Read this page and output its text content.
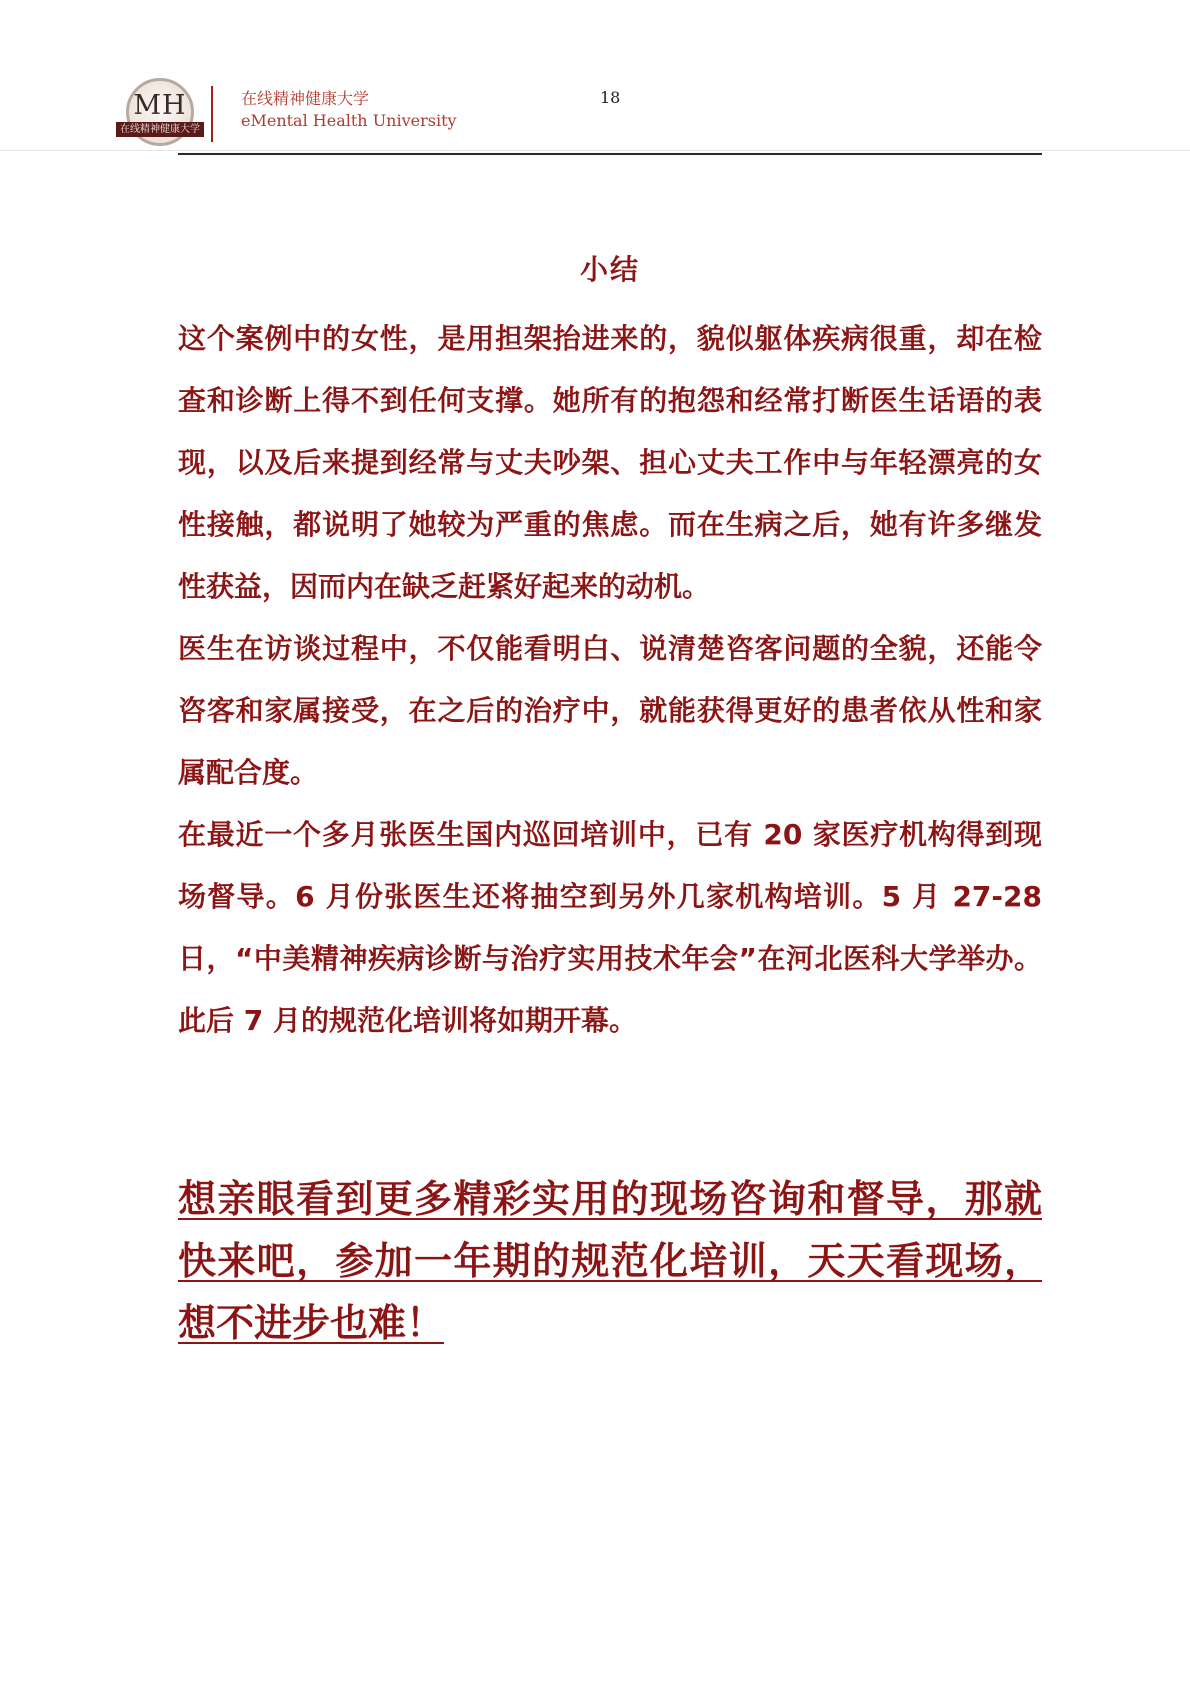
MH
在线精神健康大学
在线精神健康大学
eMental Health University
18
小结

这个案例中的女性，是用担架抬进来的，貌似躯体疾病很重，却在检查和诊断上得不到任何支撑。她所有的抱怨和经常打断医生话语的表现，以及后来提到经常与丈夫吵架、担心丈夫工作中与年轻漂亮的女性接触，都说明了她较为严重的焦虑。而在生病之后，她有许多继发性获益，因而内在缺乏赶紧好起来的动机。

医生在访谈过程中，不仅能看明白、说清楚咨客问题的全貌，还能令咨客和家属接受，在之后的治疗中，就能获得更好的患者依从性和家属配合度。

在最近一个多月张医生国内巡回培训中，已有 20 家医疗机构得到现场督导。6 月份张医生还将抽空到另外几家机构培训。5 月 27-28 日，“中美精神疾病诊断与治疗实用技术年会”在河北医科大学举办。此后 7 月的规范化培训将如期开幕。

想亲眼看到更多精彩实用的现场咨询和督导，那就快来吧，参加一年期的规范化培训，天天看现场，想不进步也难！
